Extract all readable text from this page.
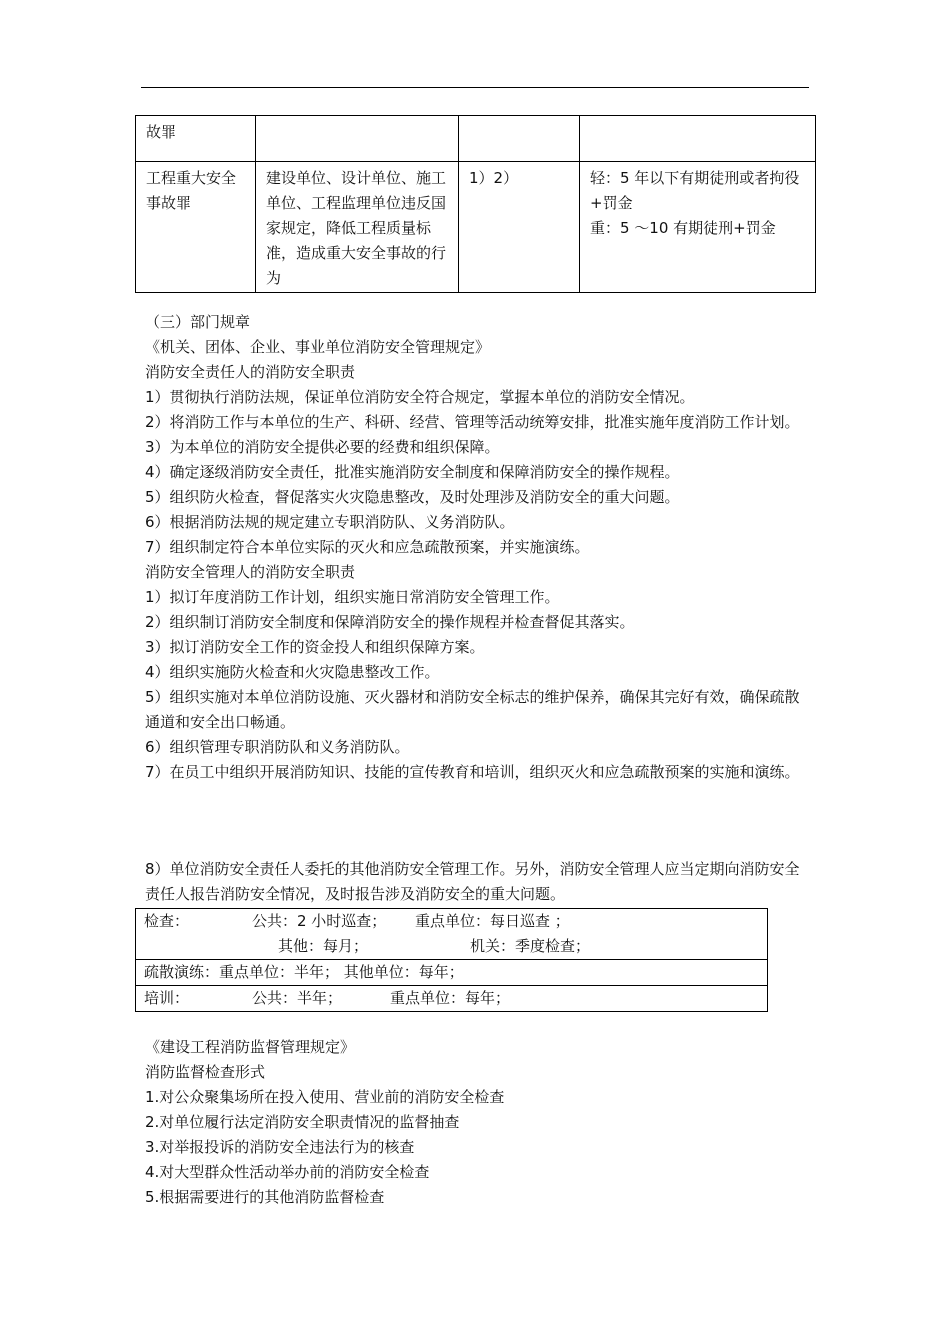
故罪			
工程重大安全事故罪	建设单位、设计单位、施工单位、工程监理单位违反国家规定，降低工程质量标准，造成重大安全事故的行为	1）2）	轻：5 年以下有期徒刑或者拘役+罚金
重：5 ～10 有期徒刑+罚金
（三）部门规章
《机关、团体、企业、事业单位消防安全管理规定》
消防安全责任人的消防安全职责
1）贯彻执行消防法规，保证单位消防安全符合规定，掌握本单位的消防安全情况。
2）将消防工作与本单位的生产、科研、经营、管理等活动统筹安排，批准实施年度消防工作计划。
3）为本单位的消防安全提供必要的经费和组织保障。
4）确定逐级消防安全责任，批准实施消防安全制度和保障消防安全的操作规程。
5）组织防火检查，督促落实火灾隐患整改，及时处理涉及消防安全的重大问题。
6）根据消防法规的规定建立专职消防队、义务消防队。
7）组织制定符合本单位实际的灭火和应急疏散预案，并实施演练。
消防安全管理人的消防安全职责
1）拟订年度消防工作计划，组织实施日常消防安全管理工作。
2）组织制订消防安全制度和保障消防安全的操作规程并检查督促其落实。
3）拟订消防安全工作的资金投人和组织保障方案。
4）组织实施防火检查和火灾隐患整改工作。
5）组织实施对本单位消防设施、灭火器材和消防安全标志的维护保养，确保其完好有效，确保疏散通道和安全出口畅通。
6）组织管理专职消防队和义务消防队。
7）在员工中组织开展消防知识、技能的宣传教育和培训，组织灭火和应急疏散预案的实施和演练。
8）单位消防安全责任人委托的其他消防安全管理工作。另外，消防安全管理人应当定期向消防安全责任人报告消防安全情况，及时报告涉及消防安全的重大问题。
检查：	公共：2 小时巡查； 重点单位：每日巡查 ；
其他：每月；	机关：季度检查；
疏散演练：重点单位：半年； 其他单位：每年；
培训：	公共：半年；	重点单位：每年；
《建设工程消防监督管理规定》
消防监督检查形式
1.对公众聚集场所在投入使用、营业前的消防安全检查
2.对单位履行法定消防安全职责情况的监督抽查
3.对举报投诉的消防安全违法行为的核查
4.对大型群众性活动举办前的消防安全检查
5.根据需要进行的其他消防监督检查
